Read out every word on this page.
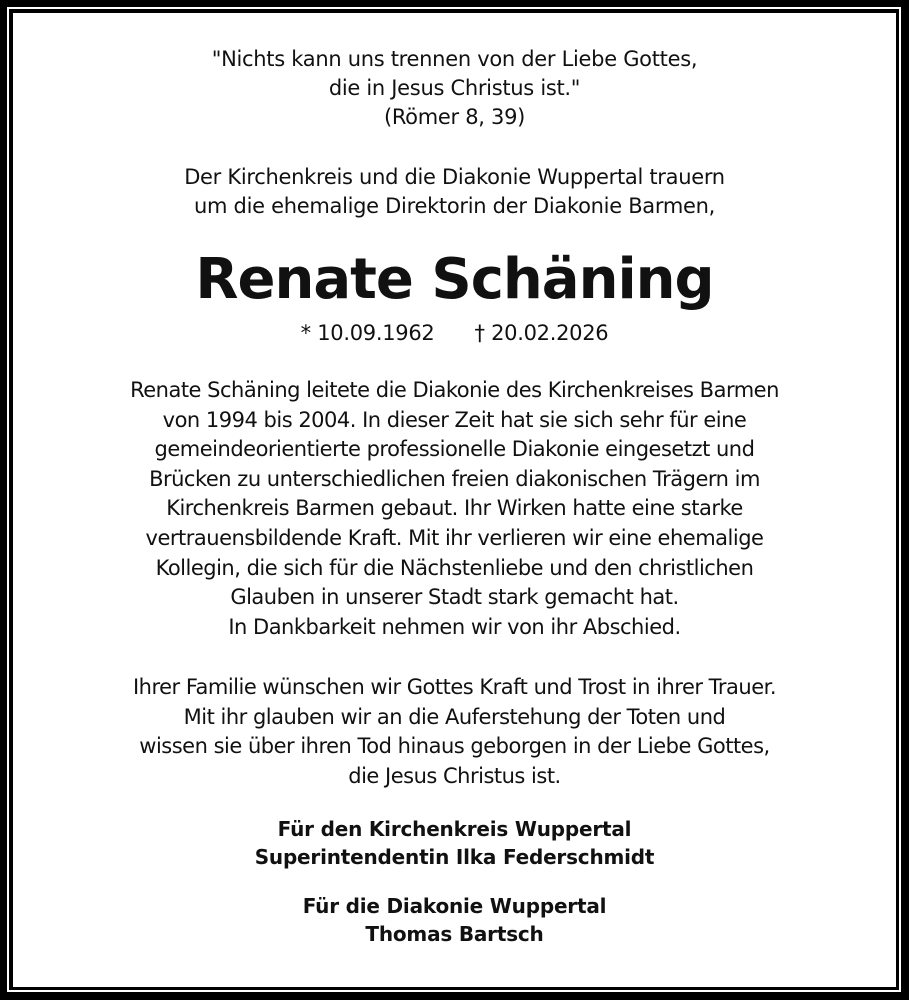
"Nichts kann uns trennen von der Liebe Gottes,
die in Jesus Christus ist."
(Römer 8, 39)
Der Kirchenkreis und die Diakonie Wuppertal trauern
um die ehemalige Direktorin der Diakonie Barmen,
Renate Schäning
* 10.09.1962 † 20.02.2026
Renate Schäning leitete die Diakonie des Kirchenkreises Barmen
von 1994 bis 2004. In dieser Zeit hat sie sich sehr für eine
gemeindeorientierte professionelle Diakonie eingesetzt und
Brücken zu unterschiedlichen freien diakonischen Trägern im
Kirchenkreis Barmen gebaut. Ihr Wirken hatte eine starke
vertrauensbildende Kraft. Mit ihr verlieren wir eine ehemalige
Kollegin, die sich für die Nächstenliebe und den christlichen
Glauben in unserer Stadt stark gemacht hat.
In Dankbarkeit nehmen wir von ihr Abschied.
Ihrer Familie wünschen wir Gottes Kraft und Trost in ihrer Trauer.
Mit ihr glauben wir an die Auferstehung der Toten und
wissen sie über ihren Tod hinaus geborgen in der Liebe Gottes,
die Jesus Christus ist.
Für den Kirchenkreis Wuppertal
Superintendentin Ilka Federschmidt
Für die Diakonie Wuppertal
Thomas Bartsch
